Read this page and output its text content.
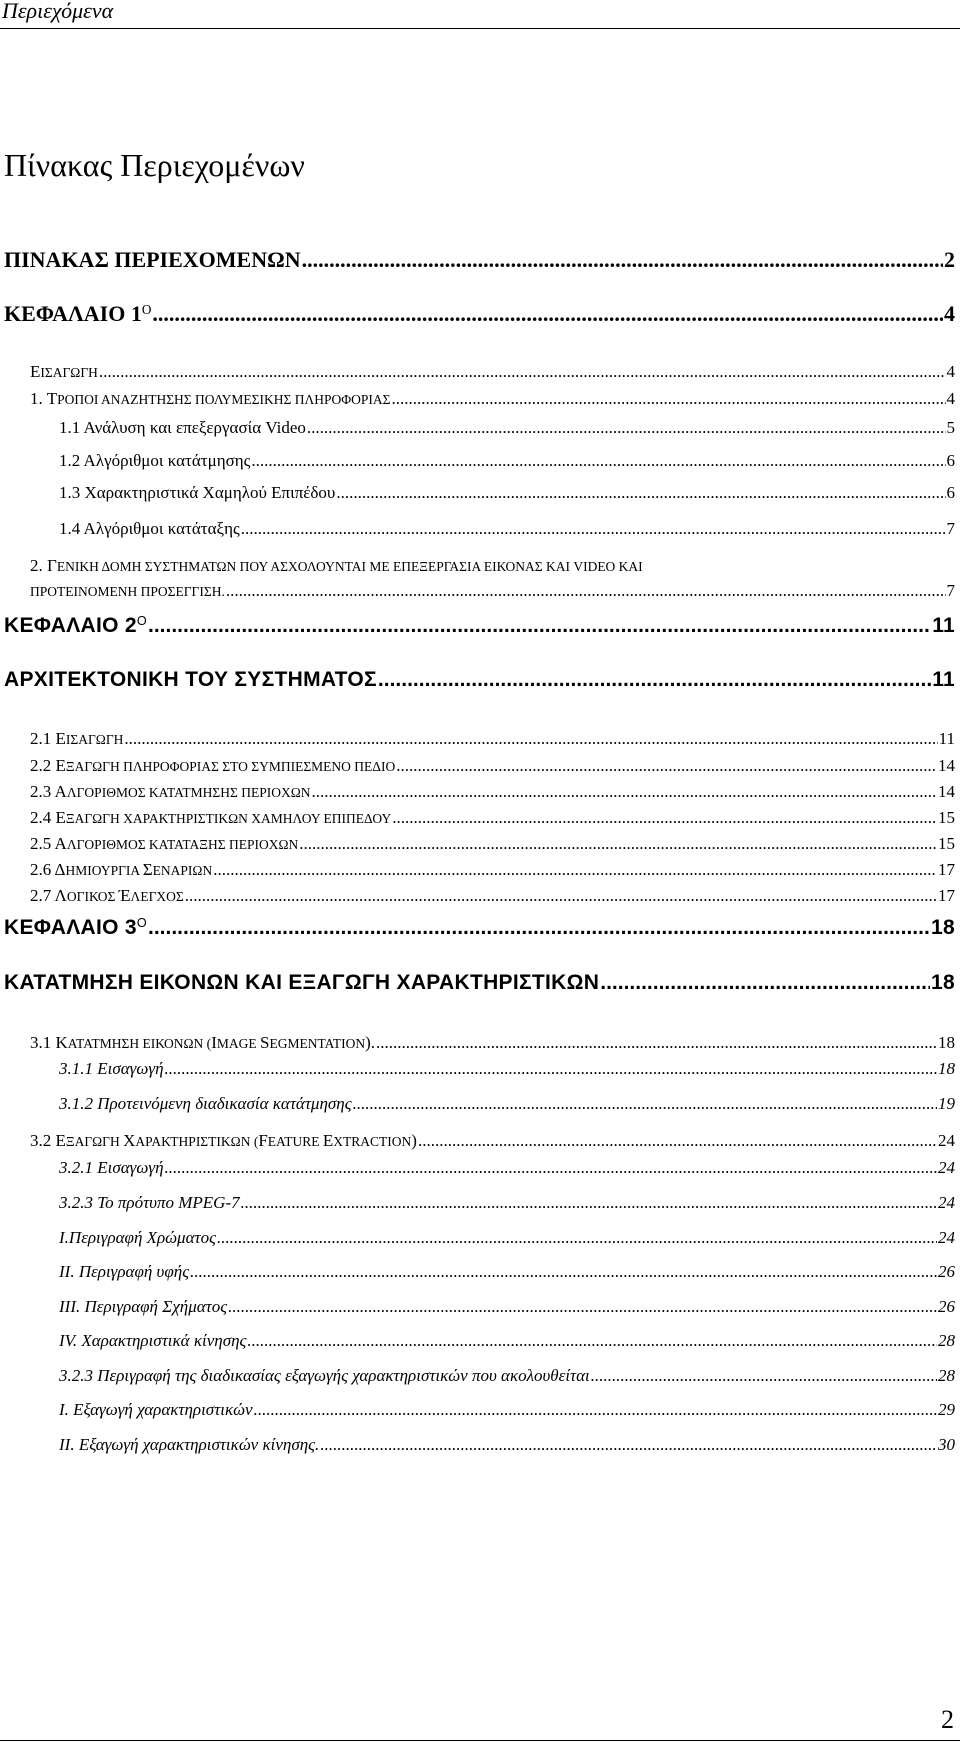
Περιεχόμενα
Πίνακας Περιεχομένων
ΠΙΝΑΚΑΣ ΠΕΡΙΕΧΟΜΕΝΩΝ .....	2
ΚΕΦΑΛΑΙΟ $1^O$ .....	4
ΕΙΣΑΓΩΓΗ .....	4
1. ΤΡΟΠΟΙ ΑΝΑΖΗΤΗΣΗΣ ΠΟΛΥΜΕΣΙΚΗΣ ΠΛΗΡΟΦΟΡΙΑΣ .....	4
1.1 Ανάλυση και επεξεργασία Video .....	5
1.2 Αλγόριθμοι κατάτμησης .....	6
1.3 Χαρακτηριστικά Χαμηλού Επιπέδου .....	6
1.4 Αλγόριθμοι κατάταξης .....	7
2. ΓΕΝΙΚΗ ΔΟΜΗ ΣΥΣΤΗΜΑΤΩΝ ΠΟΥ ΑΣΧΟΛΟΥΝΤΑΙ ΜΕ ΕΠΕΞΕΡΓΑΣΙΑ ΕΙΚΟΝΑΣ ΚΑΙ VIDEO ΚΑΙ
ΠΡΟΤΕΙΝΟΜΕΝΗ ΠΡΟΣΕΓΓΙΣΗ. .....	7
ΚΕΦΑΛΑΙΟ $2^O$ .....	11
ΑΡΧΙΤΕΚΤΟΝΙΚΗ ΤΟΥ ΣΥΣΤΗΜΑΤΟΣ .....	11
2.1 ΕΙΣΑΓΩΓΗ .....	11
2.2 ΕΞΑΓΩΓΗ ΠΛΗΡΟΦΟΡΙΑΣ ΣΤΟ ΣΥΜΠΙΕΣΜΕΝΟ ΠΕΔΙΟ .....	14
2.3 ΑΛΓΟΡΙΘΜΟΣ ΚΑΤΑΤΜΗΣΗΣ ΠΕΡΙΟΧΩΝ .....	14
2.4 ΕΞΑΓΩΓΗ ΧΑΡΑΚΤΗΡΙΣΤΙΚΩΝ ΧΑΜΗΛΟΥ ΕΠΙΠΕΔΟΥ .....	15
2.5 ΑΛΓΟΡΙΘΜΟΣ ΚΑΤΑΤΑΞΗΣ ΠΕΡΙΟΧΩΝ .....	15
2.6 ΔΗΜΙΟΥΡΓΙΑ ΣΕΝΑΡΙΩΝ .....	17
2.7 ΛΟΓΙΚΟΣ ΈΛΕΓΧΟΣ .....	17
ΚΕΦΑΛΑΙΟ $3^O$ .....	18
ΚΑΤΑΤΜΗΣΗ ΕΙΚΟΝΩΝ ΚΑΙ ΕΞΑΓΩΓΗ ΧΑΡΑΚΤΗΡΙΣΤΙΚΩΝ .....	18
3.1 ΚΑΤΑΤΜΗΣΗ ΕΙΚΟΝΩΝ (IMAGE SEGMENTATION). .....	18
3.1.1 Εισαγωγή .....	18
3.1.2 Προτεινόμενη διαδικασία κατάτμησης .....	19
3.2 ΕΞΑΓΩΓΗ ΧΑΡΑΚΤΗΡΙΣΤΙΚΩΝ (FEATURE EXTRACTION) .....	24
3.2.1 Εισαγωγή .....	24
3.2.3 Το πρότυπο MPEG-7 .....	24
I.Περιγραφή Χρώματος .....	24
II. Περιγραφή υφής .....	26
III. Περιγραφή Σχήματος .....	26
IV. Χαρακτηριστικά κίνησης .....	28
3.2.3 Περιγραφή της διαδικασίας εξαγωγής χαρακτηριστικών που ακολουθείται .....	28
I. Εξαγωγή χαρακτηριστικών .....	29
II. Εξαγωγή χαρακτηριστικών κίνησης. .....	30
2
